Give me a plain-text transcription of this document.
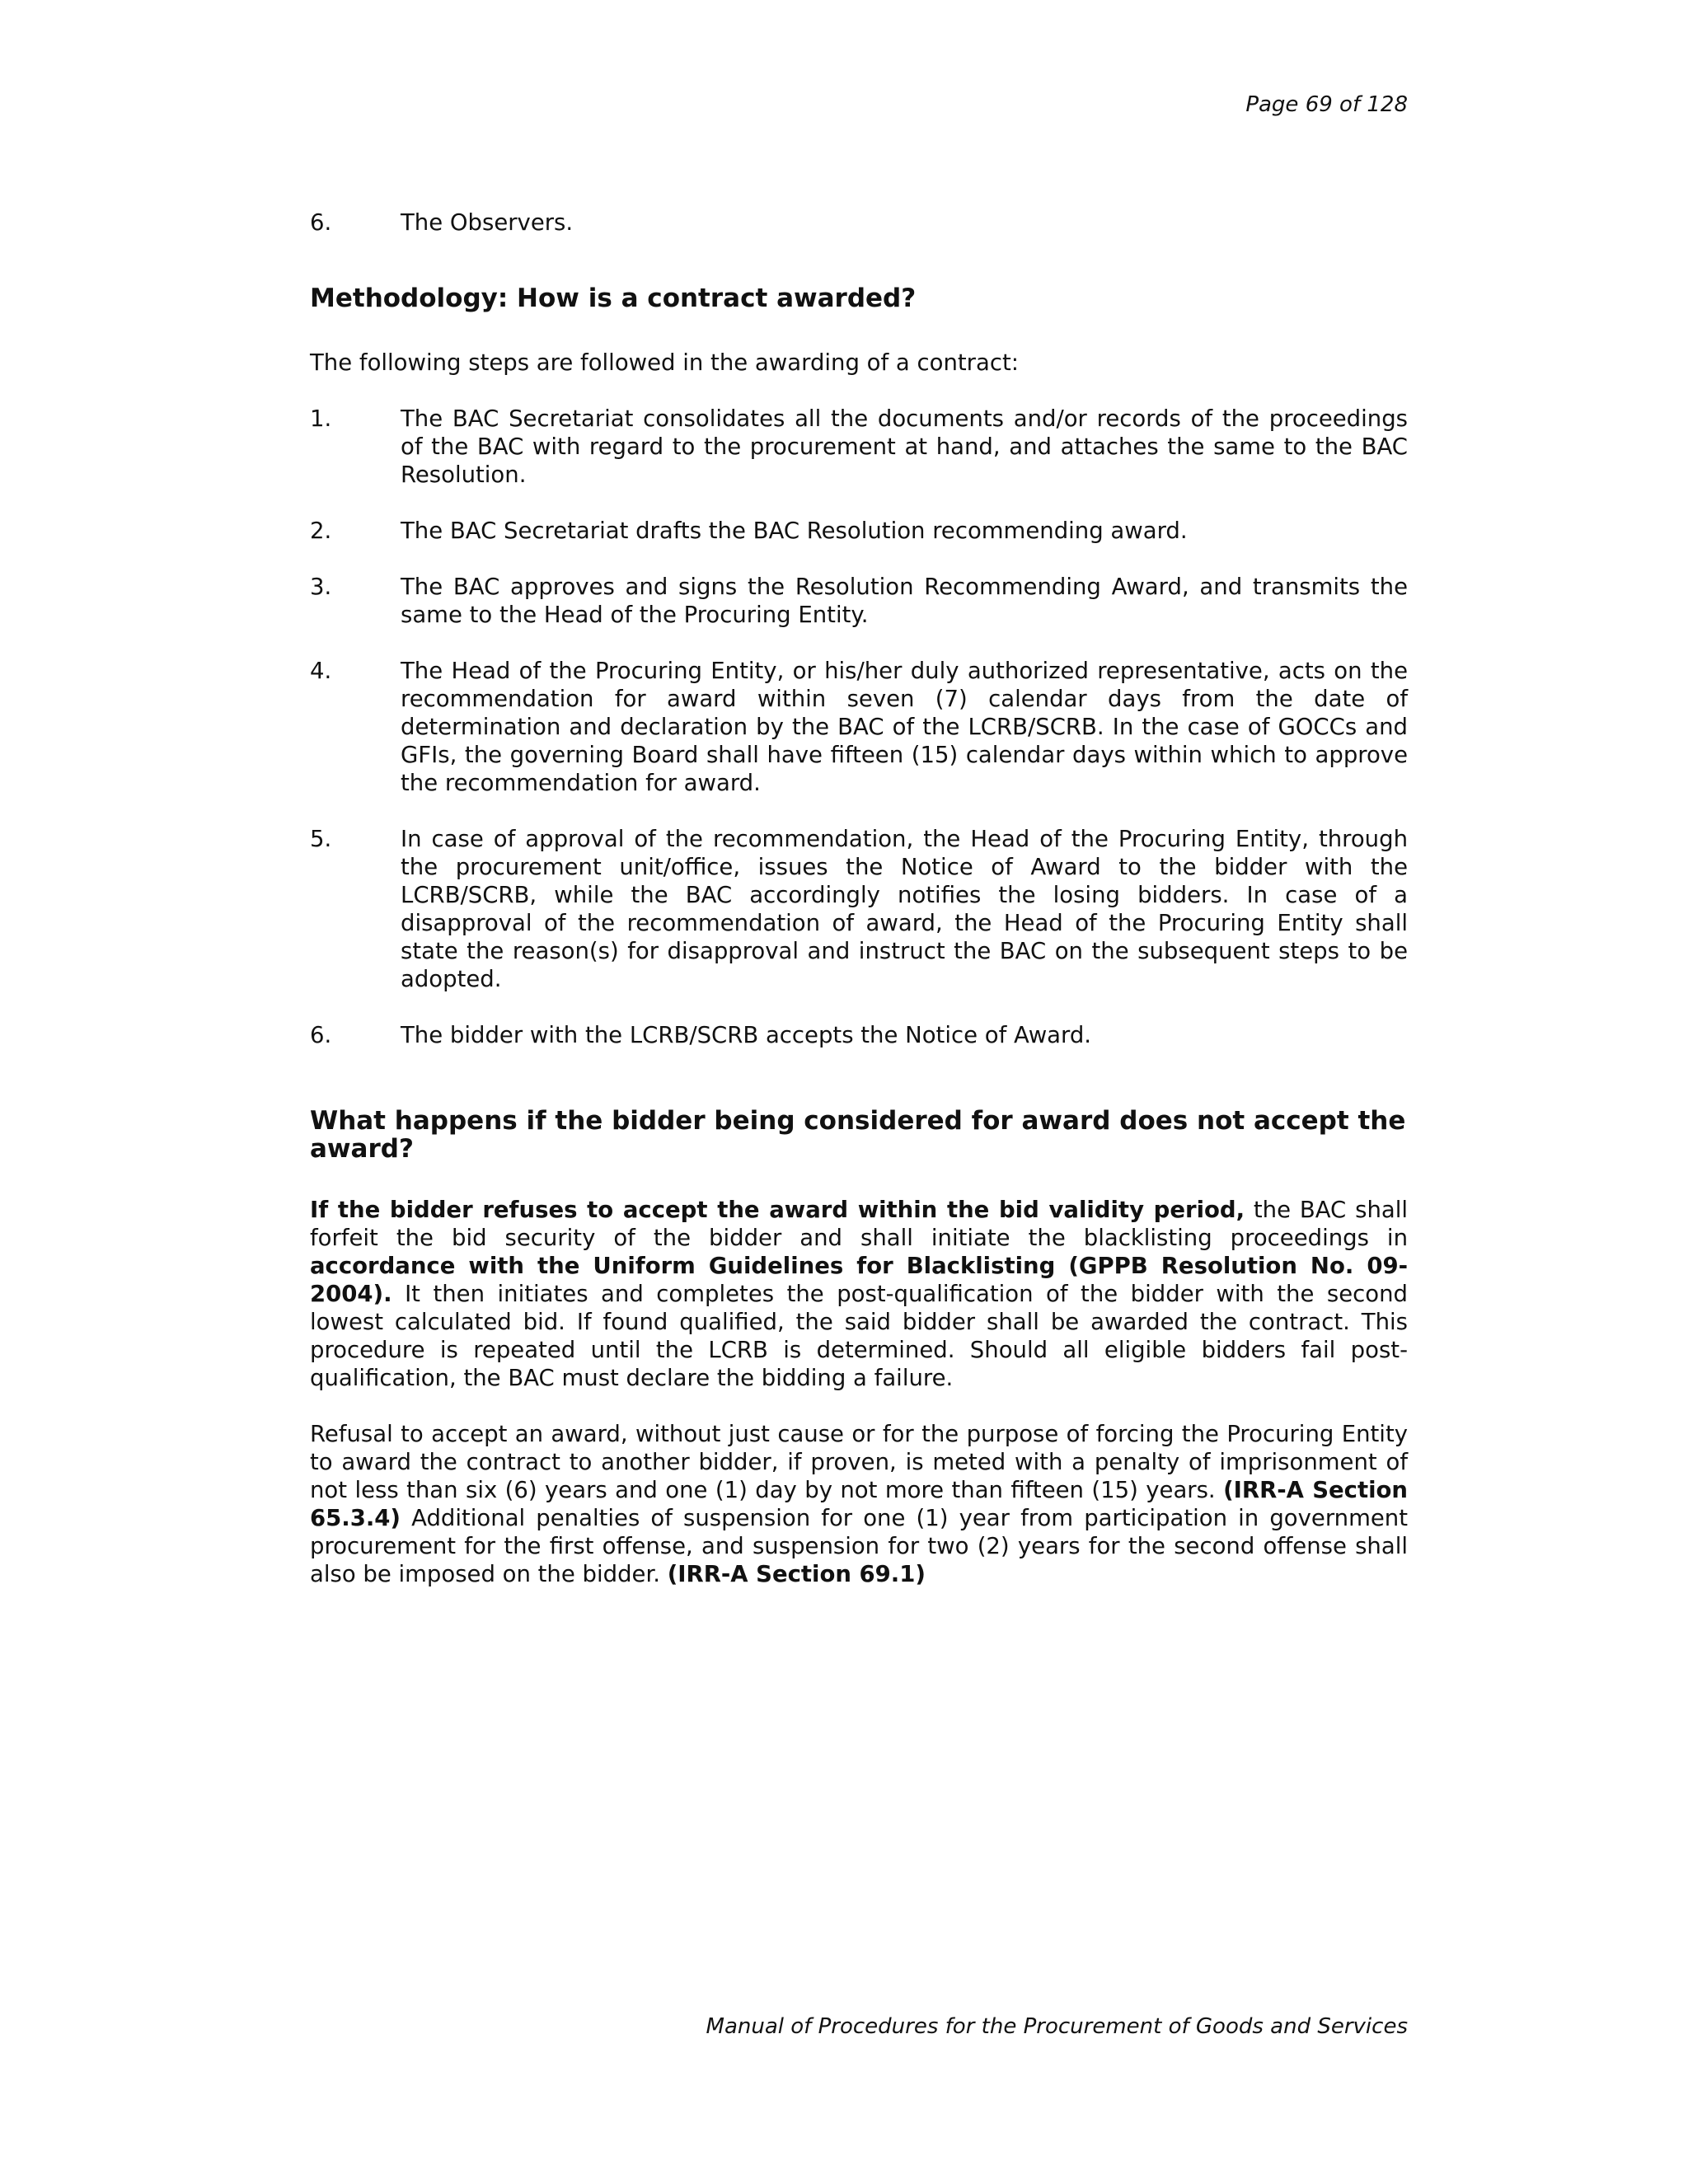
Page 69 of 128
6.	The Observers.
Methodology: How is a contract awarded?

The following steps are followed in the awarding of a contract:

1.	The BAC Secretariat consolidates all the documents and/or records of the proceedings of the BAC with regard to the procurement at hand, and attaches the same to the BAC Resolution.
2.	The BAC Secretariat drafts the BAC Resolution recommending award.
3.	The BAC approves and signs the Resolution Recommending Award, and transmits the same to the Head of the Procuring Entity.
4.	The Head of the Procuring Entity, or his/her duly authorized representative, acts on the recommendation for award within seven (7) calendar days from the date of determination and declaration by the BAC of the LCRB/SCRB. In the case of GOCCs and GFIs, the governing Board shall have fifteen (15) calendar days within which to approve the recommendation for award.
5.	In case of approval of the recommendation, the Head of the Procuring Entity, through the procurement unit/office, issues the Notice of Award to the bidder with the LCRB/SCRB, while the BAC accordingly notifies the losing bidders. In case of a disapproval of the recommendation of award, the Head of the Procuring Entity shall state the reason(s) for disapproval and instruct the BAC on the subsequent steps to be adopted.
6.	The bidder with the LCRB/SCRB accepts the Notice of Award.
What happens if the bidder being considered for award does not accept the award?

If the bidder refuses to accept the award within the bid validity period, the BAC shall forfeit the bid security of the bidder and shall initiate the blacklisting proceedings in accordance with the Uniform Guidelines for Blacklisting (GPPB Resolution No. 09-2004). It then initiates and completes the post-qualification of the bidder with the second lowest calculated bid. If found qualified, the said bidder shall be awarded the contract. This procedure is repeated until the LCRB is determined. Should all eligible bidders fail post-qualification, the BAC must declare the bidding a failure.

Refusal to accept an award, without just cause or for the purpose of forcing the Procuring Entity to award the contract to another bidder, if proven, is meted with a penalty of imprisonment of not less than six (6) years and one (1) day by not more than fifteen (15) years. (IRR-A Section 65.3.4) Additional penalties of suspension for one (1) year from participation in government procurement for the first offense, and suspension for two (2) years for the second offense shall also be imposed on the bidder. (IRR-A Section 69.1)

Manual of Procedures for the Procurement of Goods and Services
